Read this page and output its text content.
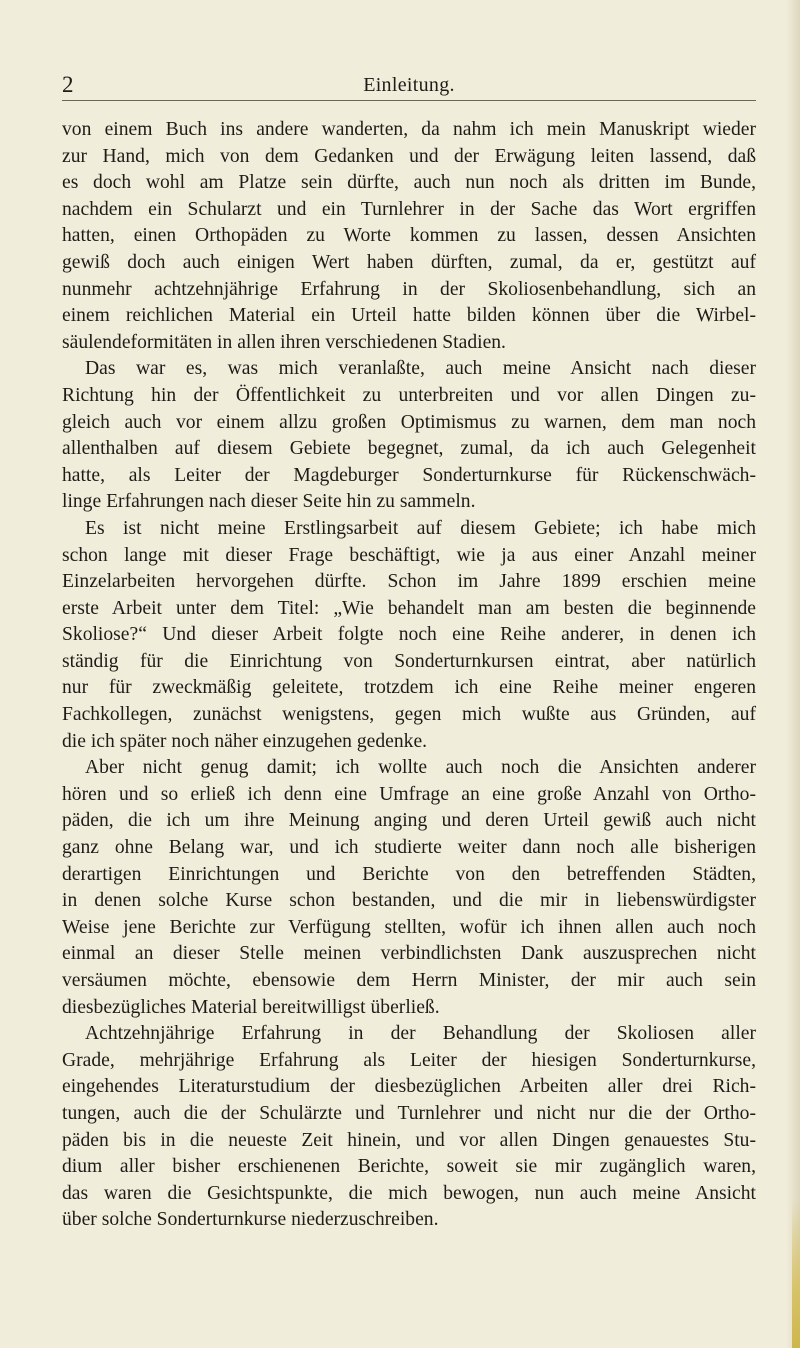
2	Einleitung.
von einem Buch ins andere wanderten, da nahm ich mein Manuskript wieder
zur Hand, mich von dem Gedanken und der Erwägung leiten lassend, daß
es doch wohl am Platze sein dürfte, auch nun noch als dritten im Bunde,
nachdem ein Schularzt und ein Turnlehrer in der Sache das Wort ergriffen
hatten, einen Orthopäden zu Worte kommen zu lassen, dessen Ansichten
gewiß doch auch einigen Wert haben dürften, zumal, da er, gestützt auf
nunmehr achtzehnjährige Erfahrung in der Skoliosenbehandlung, sich an
einem reichlichen Material ein Urteil hatte bilden können über die Wirbel-
säulendeformitäten in allen ihren verschiedenen Stadien.
Das war es, was mich veranlaßte, auch meine Ansicht nach dieser
Richtung hin der Öffentlichkeit zu unterbreiten und vor allen Dingen zu-
gleich auch vor einem allzu großen Optimismus zu warnen, dem man noch
allenthalben auf diesem Gebiete begegnet, zumal, da ich auch Gelegenheit
hatte, als Leiter der Magdeburger Sonderturnkurse für Rückenschwäch-
linge Erfahrungen nach dieser Seite hin zu sammeln.
Es ist nicht meine Erstlingsarbeit auf diesem Gebiete; ich habe mich
schon lange mit dieser Frage beschäftigt, wie ja aus einer Anzahl meiner
Einzelarbeiten hervorgehen dürfte. Schon im Jahre 1899 erschien meine
erste Arbeit unter dem Titel: „Wie behandelt man am besten die beginnende
Skoliose?“ Und dieser Arbeit folgte noch eine Reihe anderer, in denen ich
ständig für die Einrichtung von Sonderturnkursen eintrat, aber natürlich
nur für zweckmäßig geleitete, trotzdem ich eine Reihe meiner engeren
Fachkollegen, zunächst wenigstens, gegen mich wußte aus Gründen, auf
die ich später noch näher einzugehen gedenke.
Aber nicht genug damit; ich wollte auch noch die Ansichten anderer
hören und so erließ ich denn eine Umfrage an eine große Anzahl von Ortho-
päden, die ich um ihre Meinung anging und deren Urteil gewiß auch nicht
ganz ohne Belang war, und ich studierte weiter dann noch alle bisherigen
derartigen Einrichtungen und Berichte von den betreffenden Städten,
in denen solche Kurse schon bestanden, und die mir in liebenswürdigster
Weise jene Berichte zur Verfügung stellten, wofür ich ihnen allen auch noch
einmal an dieser Stelle meinen verbindlichsten Dank auszusprechen nicht
versäumen möchte, ebensowie dem Herrn Minister, der mir auch sein
diesbezügliches Material bereitwilligst überließ.
Achtzehnjährige Erfahrung in der Behandlung der Skoliosen aller
Grade, mehrjährige Erfahrung als Leiter der hiesigen Sonderturnkurse,
eingehendes Literaturstudium der diesbezüglichen Arbeiten aller drei Rich-
tungen, auch die der Schulärzte und Turnlehrer und nicht nur die der Ortho-
päden bis in die neueste Zeit hinein, und vor allen Dingen genauestes Stu-
dium aller bisher erschienenen Berichte, soweit sie mir zugänglich waren,
das waren die Gesichtspunkte, die mich bewogen, nun auch meine Ansicht
über solche Sonderturnkurse niederzuschreiben.
